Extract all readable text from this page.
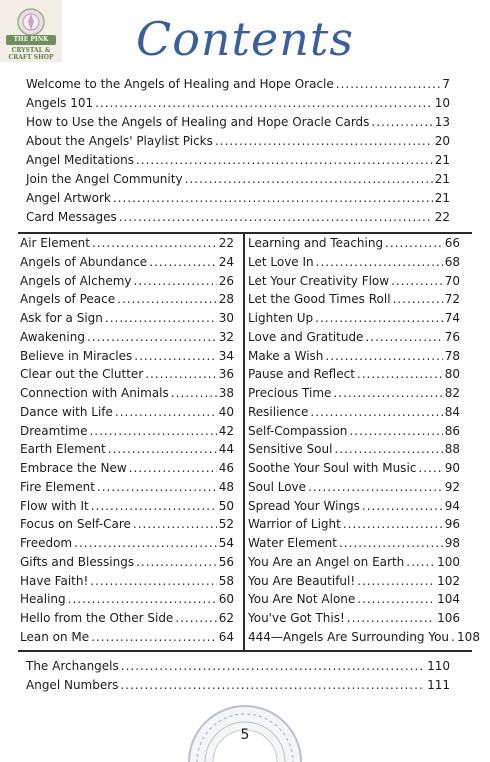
THE PINK
CRYSTAL & CRAFT SHOP	Contents
Welcome to the Angels of Healing and Hope Oracle .....	7
Angels 101 .....	10
How to Use the Angels of Healing and Hope Oracle Cards .....	13
About the Angels' Playlist Picks .....	20
Angel Meditations .....	21
Join the Angel Community .....	21
Angel Artwork .....	21
Card Messages .....	22
Air Element .....	22
Angels of Abundance .....	24
Angels of Alchemy .....	26
Angels of Peace .....	28
Ask for a Sign .....	30
Awakening .....	32
Believe in Miracles .....	34
Clear out the Clutter .....	36
Connection with Animals .....	38
Dance with Life .....	40
Dreamtime .....	42
Earth Element .....	44
Embrace the New .....	46
Fire Element .....	48
Flow with It .....	50
Focus on Self-Care .....	52
Freedom .....	54
Gifts and Blessings .....	56
Have Faith! .....	58
Healing .....	60
Hello from the Other Side .....	62
Lean on Me .....	64
Learning and Teaching .....	66
Let Love In .....	68
Let Your Creativity Flow .....	70
Let the Good Times Roll .....	72
Lighten Up .....	74
Love and Gratitude .....	76
Make a Wish .....	78
Pause and Reflect .....	80
Precious Time .....	82
Resilience .....	84
Self-Compassion .....	86
Sensitive Soul .....	88
Soothe Your Soul with Music ..... 90
Soul Love .....	92
Spread Your Wings .....	94
Warrior of Light .....	96
Water Element .....	98
You Are an Angel on Earth .....	100
You Are Beautiful! .....	102
You Are Not Alone .....	104
You've Got This! .....	106
444—Angels Are Surrounding You ..... 108
The Archangels .....	110
Angel Numbers .....	111
5
